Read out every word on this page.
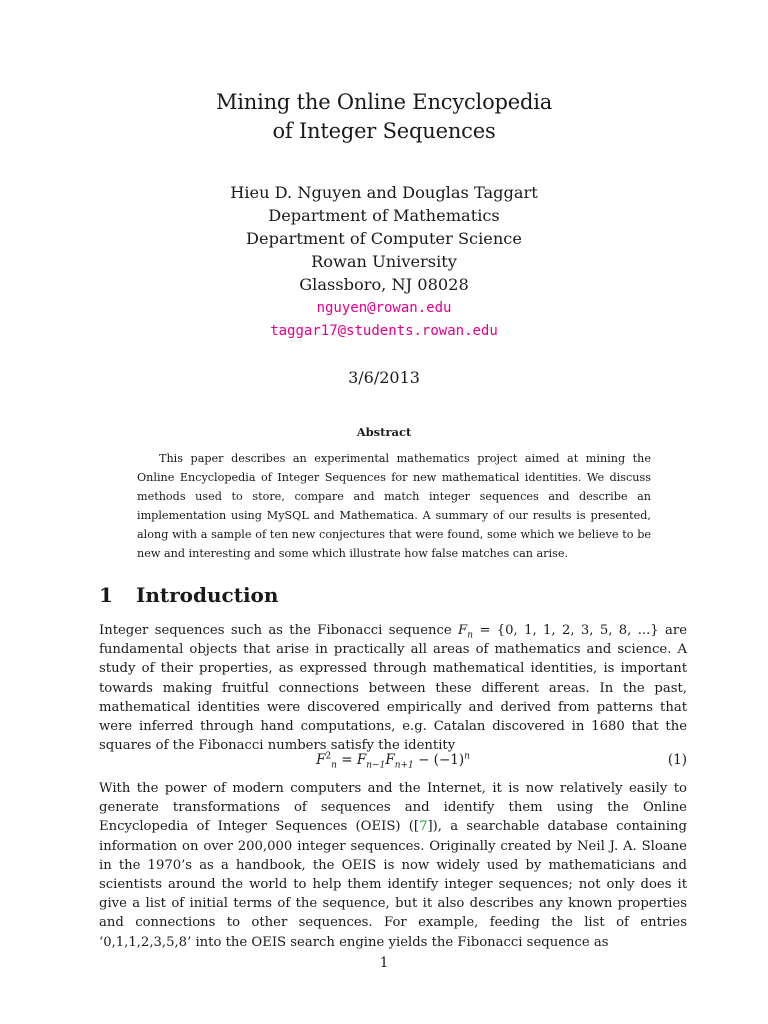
Mining the Online Encyclopedia
of Integer Sequences
Hieu D. Nguyen and Douglas Taggart
Department of Mathematics
Department of Computer Science
Rowan University
Glassboro, NJ 08028
nguyen@rowan.edu
taggar17@students.rowan.edu
3/6/2013
Abstract

This paper describes an experimental mathematics project aimed at mining the Online Encyclopedia of Integer Sequences for new mathematical identities. We discuss methods used to store, compare and match integer sequences and describe an implementation using MySQL and Mathematica. A summary of our results is presented, along with a sample of ten new conjectures that were found, some which we believe to be new and interesting and some which illustrate how false matches can arise.

1 Introduction

Integer sequences such as the Fibonacci sequence $F_n = \{0$, 1, 1, 2, 3, 5, 8, ...} are fundamental objects that arise in practically all areas of mathematics and science. A study of their properties, as expressed through mathematical identities, is important towards making fruitful connections between these different areas. In the past, mathematical identities were discovered empirically and derived from patterns that were inferred through hand computations, e.g. Catalan discovered in 1680 that the squares of the Fibonacci numbers satisfy the identity

$F^2_n = F_{n-1}F_{n+1} - (-1)^n$	(1)

With the power of modern computers and the Internet, it is now relatively easily to generate transformations of sequences and identify them using the Online Encyclopedia of Integer Sequences (OEIS) ([7]), a searchable database containing information on over 200,000 integer sequences. Originally created by Neil J. A. Sloane in the 1970’s as a handbook, the OEIS is now widely used by mathematicians and scientists around the world to help them identify integer sequences; not only does it give a list of initial terms of the sequence, but it also describes any known properties and connections to other sequences. For example, feeding the list of entries ‘0,1,1,2,3,5,8’ into the OEIS search engine yields the Fibonacci sequence as

1
